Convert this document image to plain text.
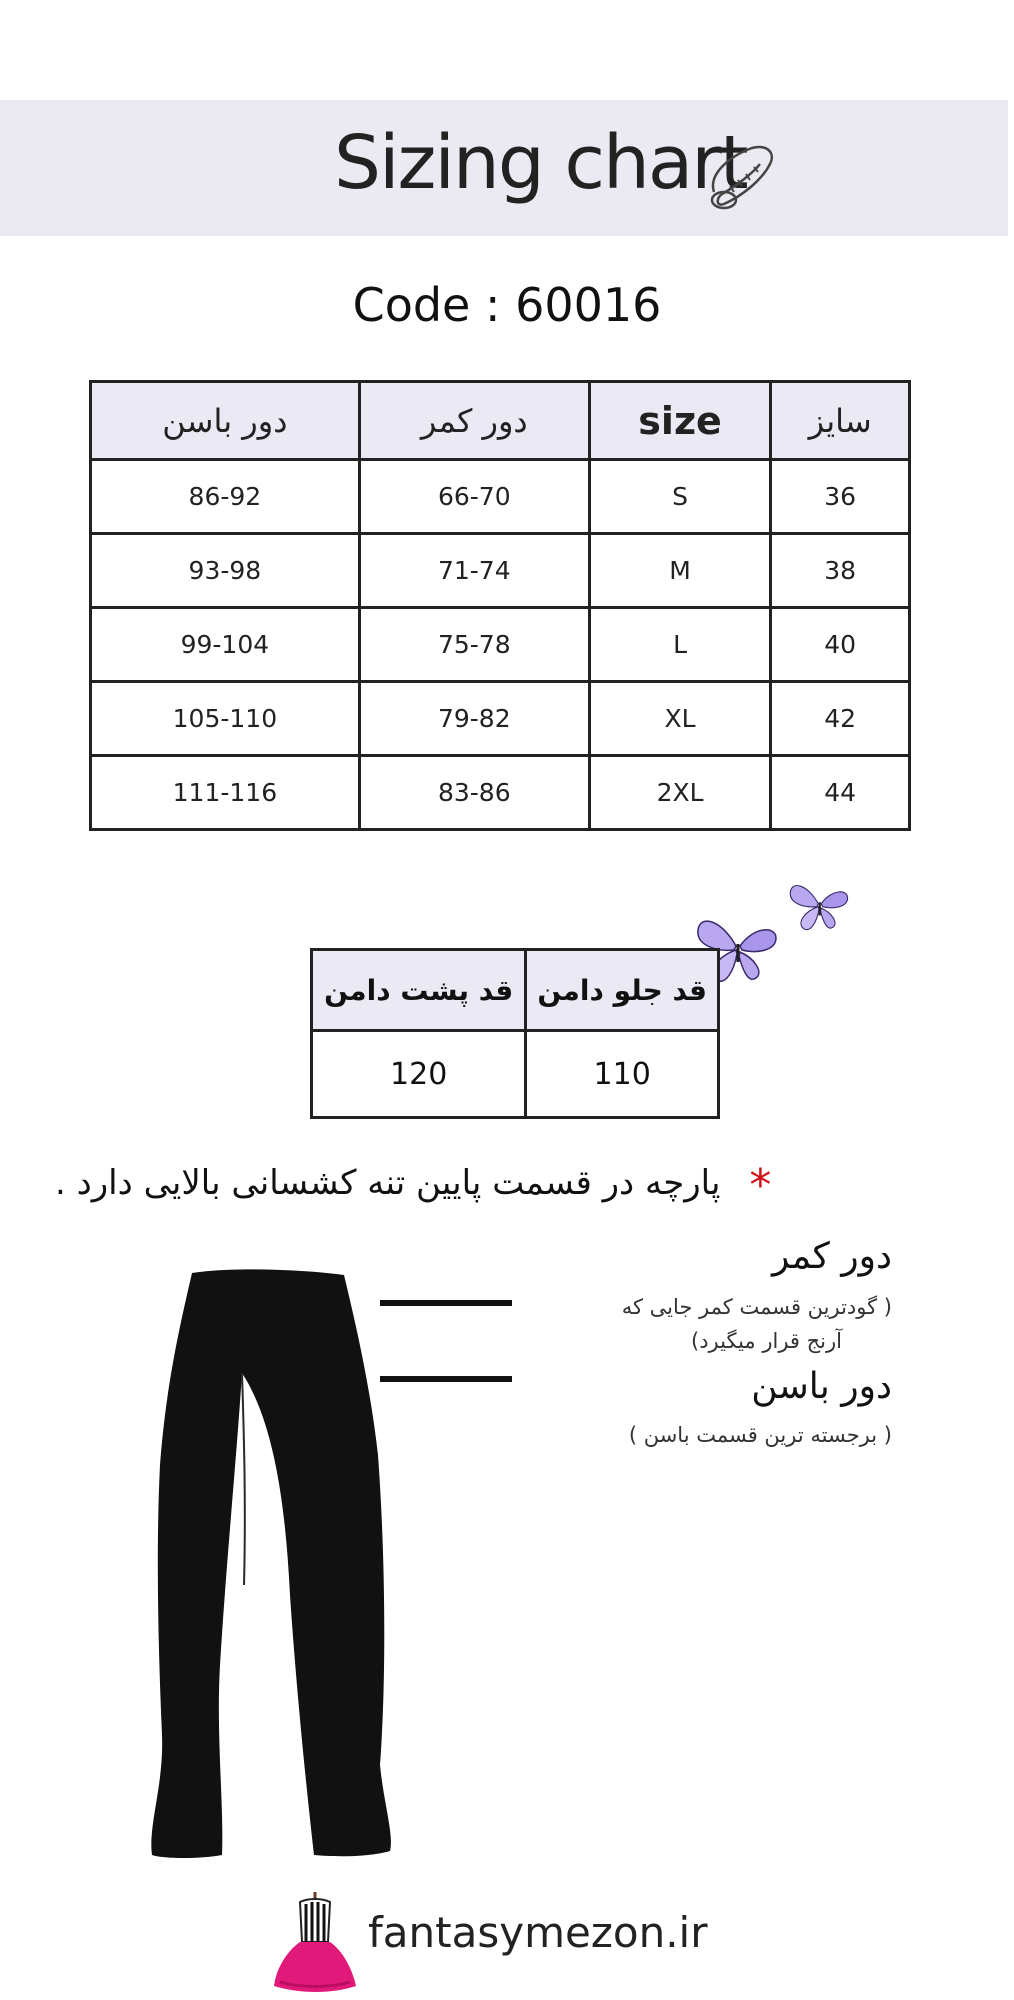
Sizing chart
Code : 60016
دور باسن	دور کمر	size	سایز
86-92	66-70	S	36
93-98	71-74	M	38
99-104	75-78	L	40
105-110	79-82	XL	42
111-116	83-86	2XL	44
قد پشت دامن	قد جلو دامن
120	110
* پارچه در قسمت پایین تنه کشسانی بالایی دارد .
دور کمر
( گودترین قسمت کمر جایی که
آرنج قرار میگیرد)
دور باسن
( برجسته ترین قسمت باسن )
fantasymezon.ir
